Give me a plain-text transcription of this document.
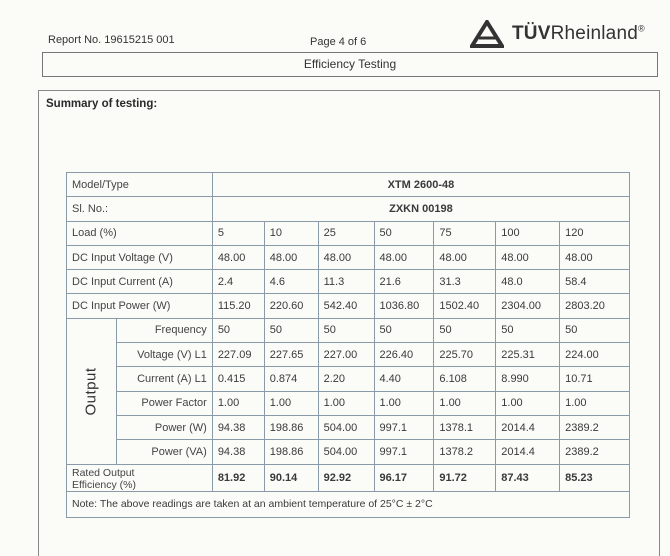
Report No. 19615215 001	Page 4 of 6	TÜVRheinland®
Efficiency Testing
Summary of testing:
Model/Type		XTM 2600-48						
Sl. No.:		ZXKN 00198						
Load (%)		5	10	25	50	75	100	120
DC Input Voltage (V)		48.00	48.00	48.00	48.00	48.00	48.00	48.00
DC Input Current (A)		2.4	4.6	11.3	21.6	31.3	48.0	58.4
DC Input Power (W)		115.20	220.60	542.40	1036.80	1502.40	2304.00	2803.20
Output	Frequency	50	50	50	50	50	50	50
	Voltage (V) L1	227.09	227.65	227.00	226.40	225.70	225.31	224.00
	Current (A) L1	0.415	0.874	2.20	4.40	6.108	8.990	10.71
	Power Factor	1.00	1.00	1.00	1.00	1.00	1.00	1.00
	Power (W)	94.38	198.86	504.00	997.1	1378.1	2014.4	2389.2
	Power (VA)	94.38	198.86	504.00	997.1	1378.2	2014.4	2389.2

Rated Output
Efficiency (%)		81.92	90.14	92.92	96.17	91.72	87.43	85.23
Note: The above readings are taken at an ambient temperature of 25°C ± 2°C								
